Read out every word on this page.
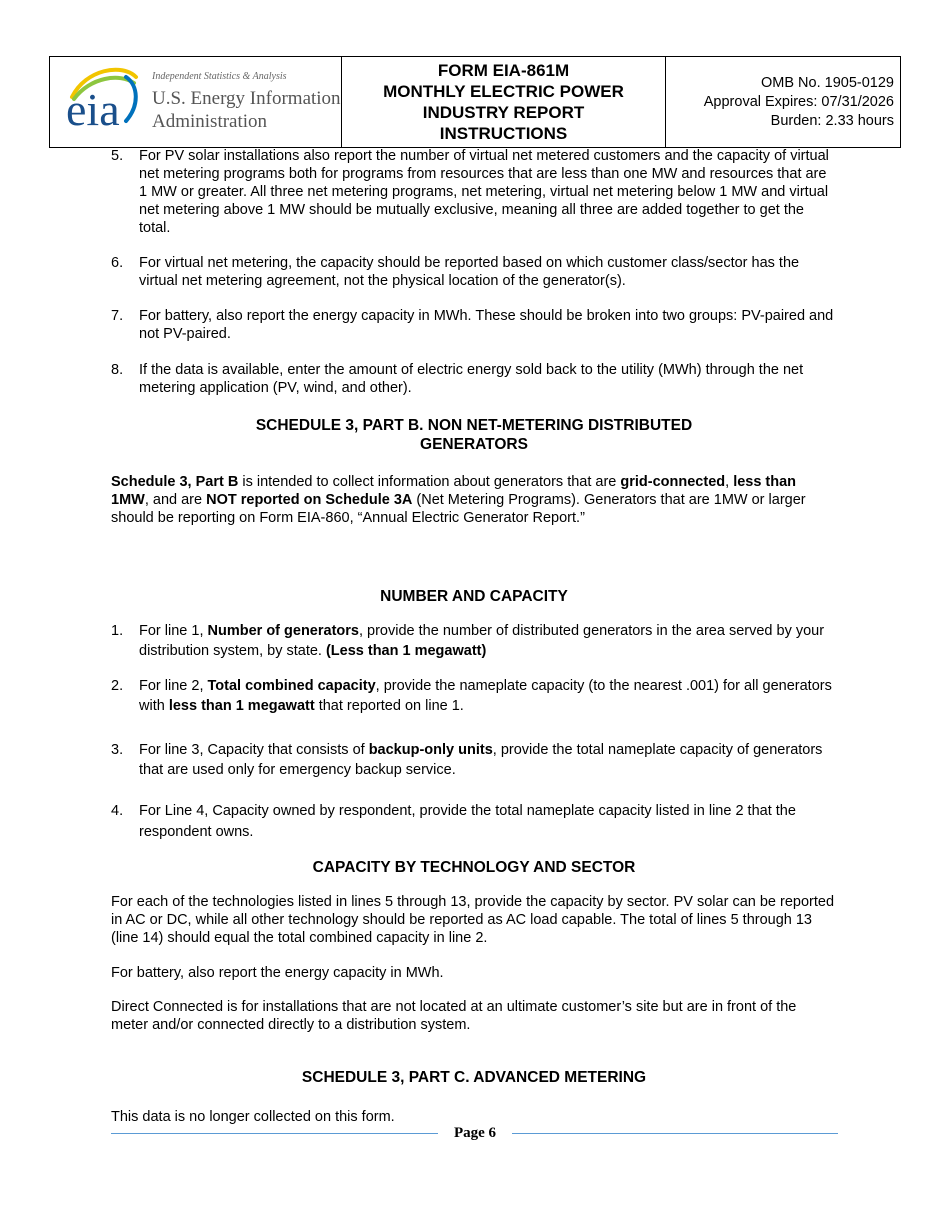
eia
Independent Statistics & Analysis
U.S. Energy Information
Administration
FORM EIA-861M
MONTHLY ELECTRIC POWER
INDUSTRY REPORT
INSTRUCTIONS
OMB No. 1905-0129
Approval Expires: 07/31/2026
Burden: 2.33 hours
5. For PV solar installations also report the number of virtual net metered customers and the capacity of virtual net metering programs both for programs from resources that are less than one MW and resources that are 1 MW or greater. All three net metering programs, net metering, virtual net metering below 1 MW and virtual net metering above 1 MW should be mutually exclusive, meaning all three are added together to get the total.
6. For virtual net metering, the capacity should be reported based on which customer class/sector has the virtual net metering agreement, not the physical location of the generator(s).
7. For battery, also report the energy capacity in MWh. These should be broken into two groups: PV-paired and not PV-paired.
8. If the data is available, enter the amount of electric energy sold back to the utility (MWh) through the net metering application (PV, wind, and other).
SCHEDULE 3, PART B. NON NET-METERING DISTRIBUTED
GENERATORS
Schedule 3, Part B is intended to collect information about generators that are grid-connected, less than 1MW, and are NOT reported on Schedule 3A (Net Metering Programs). Generators that are 1MW or larger should be reporting on Form EIA-860, “Annual Electric Generator Report.”
NUMBER AND CAPACITY
1. For line 1, Number of generators, provide the number of distributed generators in the area served by your distribution system, by state. (Less than 1 megawatt)
2. For line 2, Total combined capacity, provide the nameplate capacity (to the nearest .001) for all generators with less than 1 megawatt that reported on line 1.
3. For line 3, Capacity that consists of backup-only units, provide the total nameplate capacity of generators that are used only for emergency backup service.
4. For Line 4, Capacity owned by respondent, provide the total nameplate capacity listed in line 2 that the respondent owns.
CAPACITY BY TECHNOLOGY AND SECTOR
For each of the technologies listed in lines 5 through 13, provide the capacity by sector. PV solar can be reported in AC or DC, while all other technology should be reported as AC load capable. The total of lines 5 through 13 (line 14) should equal the total combined capacity in line 2.
For battery, also report the energy capacity in MWh.
Direct Connected is for installations that are not located at an ultimate customer’s site but are in front of the meter and/or connected directly to a distribution system.
SCHEDULE 3, PART C. ADVANCED METERING
This data is no longer collected on this form.
Page 6
